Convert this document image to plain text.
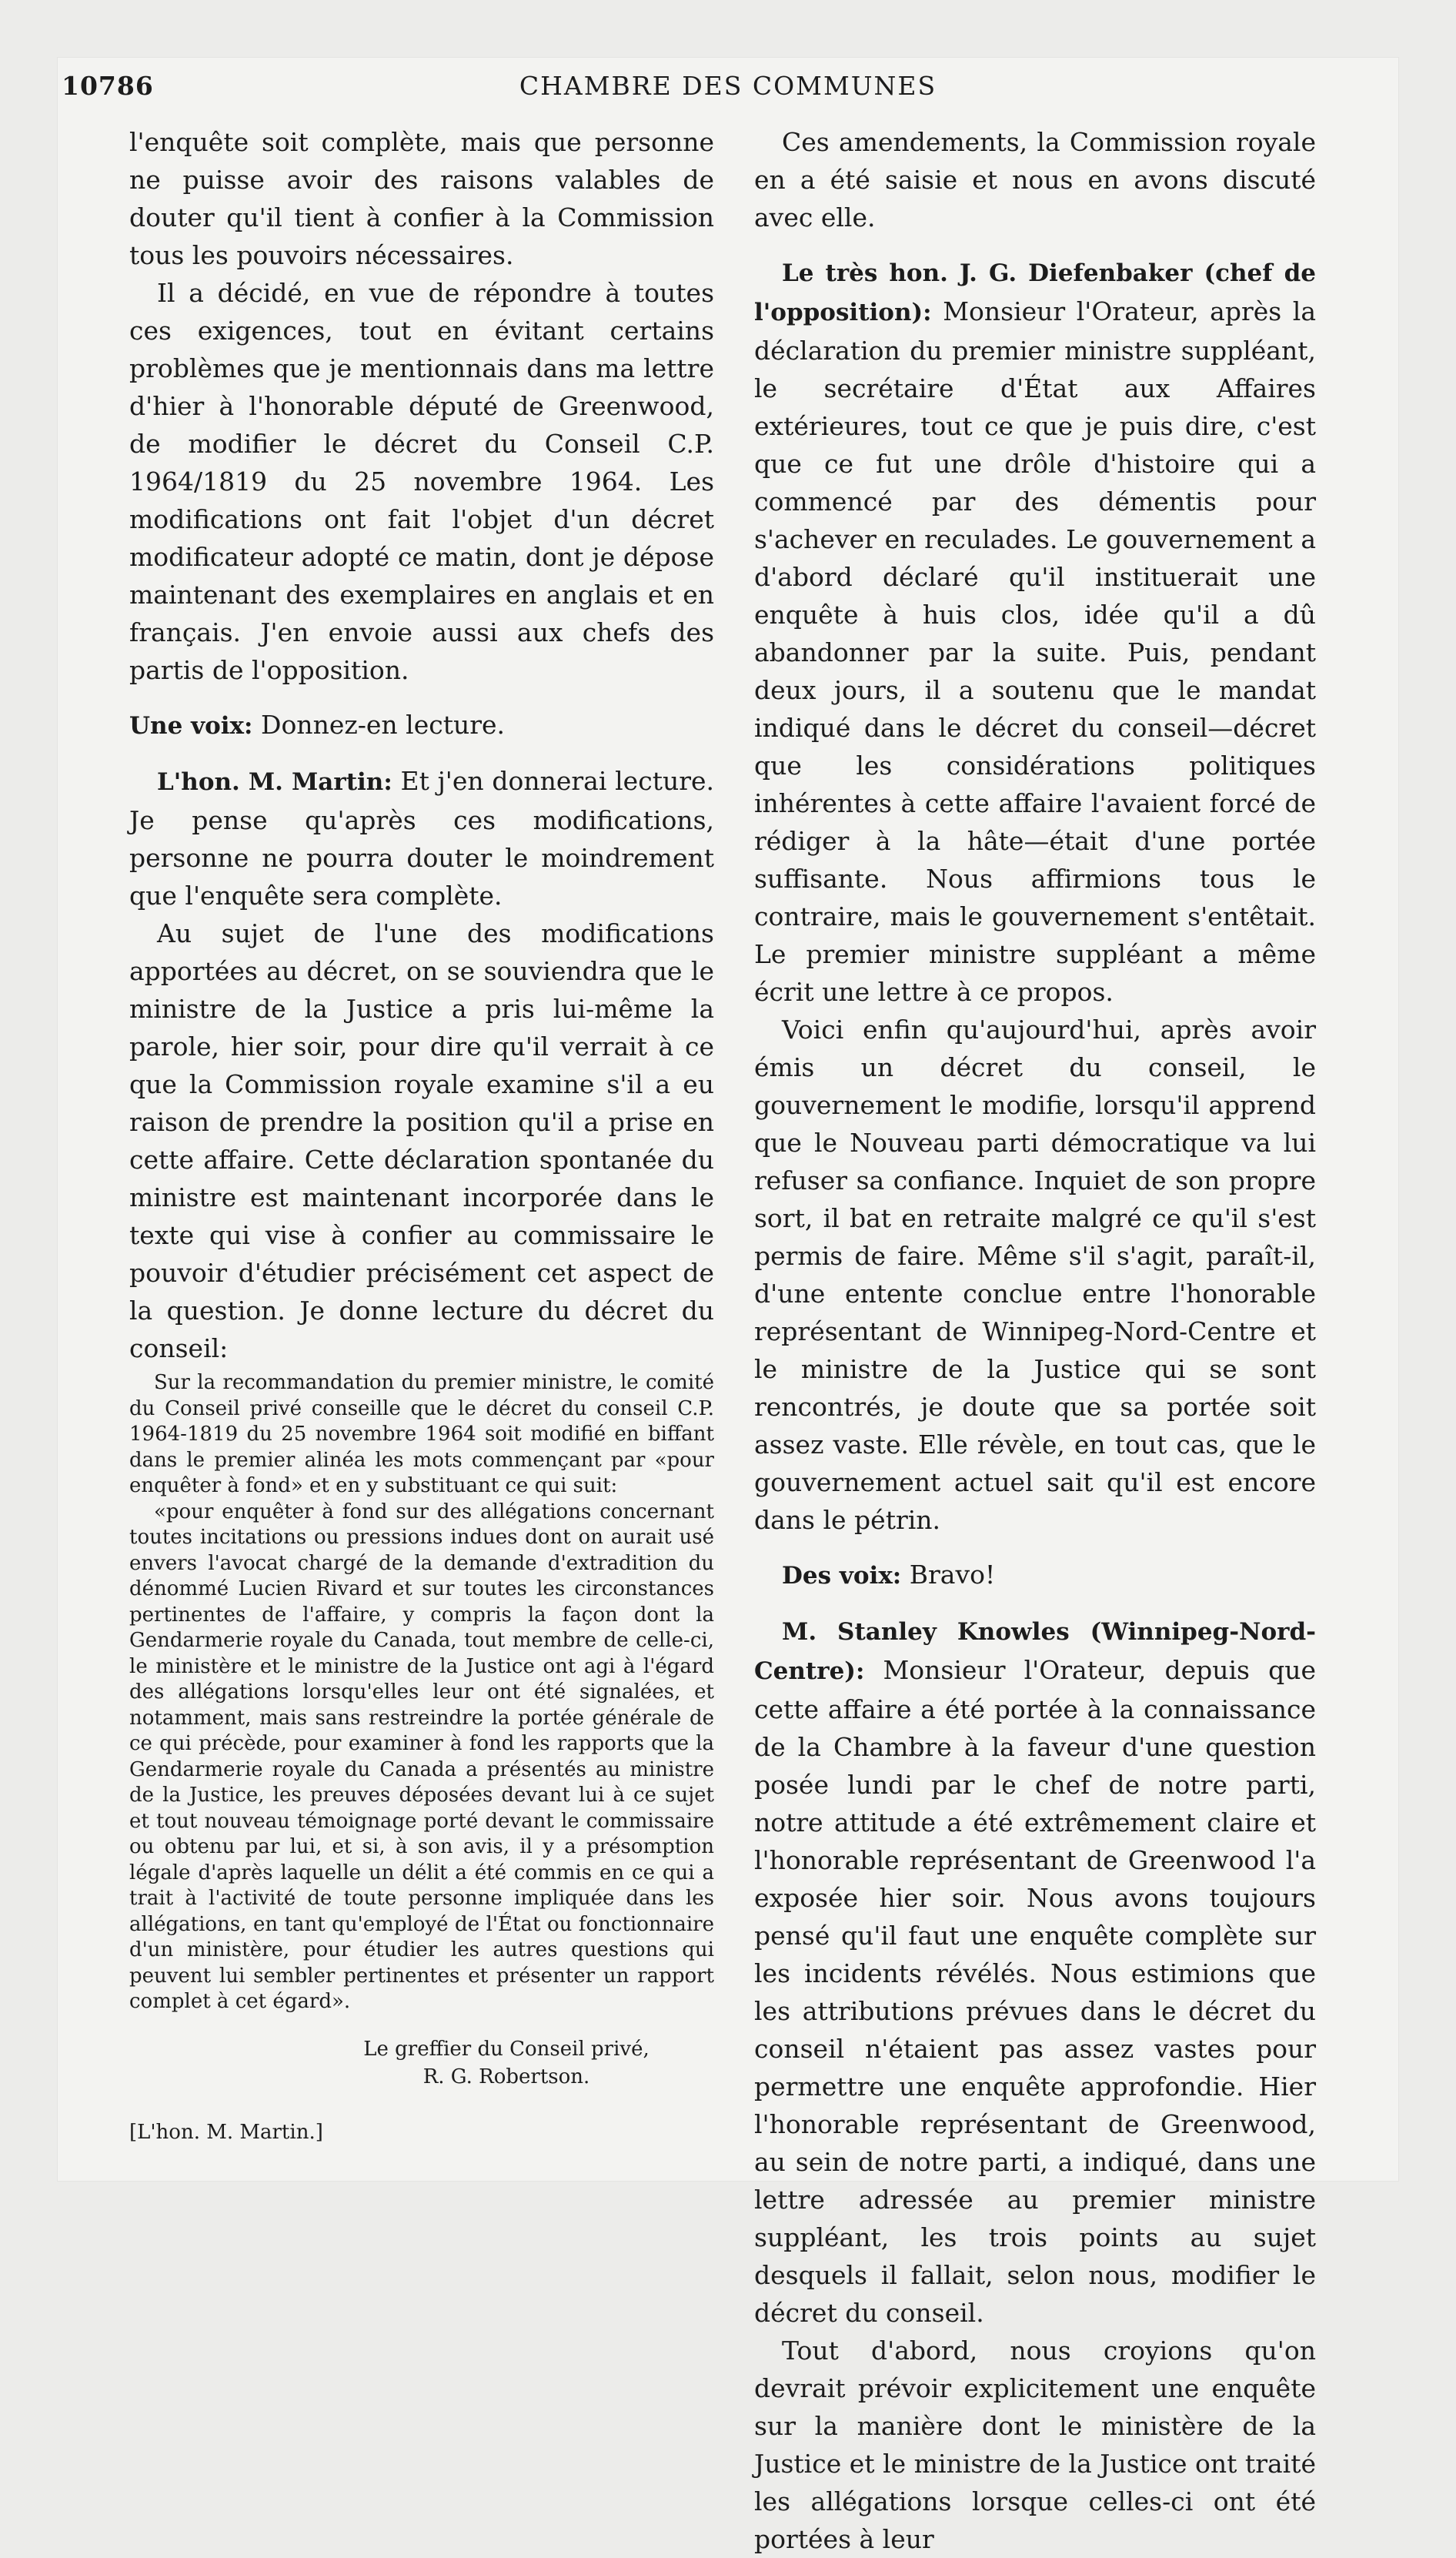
10786	CHAMBRE DES COMMUNES

l'enquête soit complète, mais que personne ne puisse avoir des raisons valables de douter qu'il tient à confier à la Commission tous les pouvoirs nécessaires.

Il a décidé, en vue de répondre à toutes ces exigences, tout en évitant certains problèmes que je mentionnais dans ma lettre d'hier à l'honorable député de Greenwood, de modifier le décret du Conseil C.P. 1964/1819 du 25 novembre 1964. Les modifications ont fait l'objet d'un décret modificateur adopté ce matin, dont je dépose maintenant des exemplaires en anglais et en français. J'en envoie aussi aux chefs des partis de l'opposition.

Une voix: Donnez-en lecture.

L'hon. M. Martin: Et j'en donnerai lecture. Je pense qu'après ces modifications, personne ne pourra douter le moindrement que l'enquête sera complète.

Au sujet de l'une des modifications apportées au décret, on se souviendra que le ministre de la Justice a pris lui-même la parole, hier soir, pour dire qu'il verrait à ce que la Commission royale examine s'il a eu raison de prendre la position qu'il a prise en cette affaire. Cette déclaration spontanée du ministre est maintenant incorporée dans le texte qui vise à confier au commissaire le pouvoir d'étudier précisément cet aspect de la question. Je donne lecture du décret du conseil:

Sur la recommandation du premier ministre, le comité du Conseil privé conseille que le décret du conseil C.P. 1964-1819 du 25 novembre 1964 soit modifié en biffant dans le premier alinéa les mots commençant par «pour enquêter à fond» et en y substituant ce qui suit:

«pour enquêter à fond sur des allégations concernant toutes incitations ou pressions indues dont on aurait usé envers l'avocat chargé de la demande d'extradition du dénommé Lucien Rivard et sur toutes les circonstances pertinentes de l'affaire, y compris la façon dont la Gendarmerie royale du Canada, tout membre de celle-ci, le ministère et le ministre de la Justice ont agi à l'égard des allégations lorsqu'elles leur ont été signalées, et notamment, mais sans restreindre la portée générale de ce qui précède, pour examiner à fond les rapports que la Gendarmerie royale du Canada a présentés au ministre de la Justice, les preuves déposées devant lui à ce sujet et tout nouveau témoignage porté devant le commissaire ou obtenu par lui, et si, à son avis, il y a présomption légale d'après laquelle un délit a été commis en ce qui a trait à l'activité de toute personne impliquée dans les allégations, en tant qu'employé de l'État ou fonctionnaire d'un ministère, pour étudier les autres questions qui peuvent lui sembler pertinentes et présenter un rapport complet à cet égard».

Le greffier du Conseil privé,
R. G. Robertson.
[L'hon. M. Martin.]

Ces amendements, la Commission royale en a été saisie et nous en avons discuté avec elle.

Le très hon. J. G. Diefenbaker (chef de l'opposition): Monsieur l'Orateur, après la déclaration du premier ministre suppléant, le secrétaire d'État aux Affaires extérieures, tout ce que je puis dire, c'est que ce fut une drôle d'histoire qui a commencé par des démentis pour s'achever en reculades. Le gouvernement a d'abord déclaré qu'il instituerait une enquête à huis clos, idée qu'il a dû abandonner par la suite. Puis, pendant deux jours, il a soutenu que le mandat indiqué dans le décret du conseil—décret que les considérations politiques inhérentes à cette affaire l'avaient forcé de rédiger à la hâte—était d'une portée suffisante. Nous affirmions tous le contraire, mais le gouvernement s'entêtait. Le premier ministre suppléant a même écrit une lettre à ce propos.

Voici enfin qu'aujourd'hui, après avoir émis un décret du conseil, le gouvernement le modifie, lorsqu'il apprend que le Nouveau parti démocratique va lui refuser sa confiance. Inquiet de son propre sort, il bat en retraite malgré ce qu'il s'est permis de faire. Même s'il s'agit, paraît-il, d'une entente conclue entre l'honorable représentant de Winnipeg-Nord-Centre et le ministre de la Justice qui se sont rencontrés, je doute que sa portée soit assez vaste. Elle révèle, en tout cas, que le gouvernement actuel sait qu'il est encore dans le pétrin.

Des voix: Bravo!

M. Stanley Knowles (Winnipeg-Nord-Centre): Monsieur l'Orateur, depuis que cette affaire a été portée à la connaissance de la Chambre à la faveur d'une question posée lundi par le chef de notre parti, notre attitude a été extrêmement claire et l'honorable représentant de Greenwood l'a exposée hier soir. Nous avons toujours pensé qu'il faut une enquête complète sur les incidents révélés. Nous estimions que les attributions prévues dans le décret du conseil n'étaient pas assez vastes pour permettre une enquête approfondie. Hier l'honorable représentant de Greenwood, au sein de notre parti, a indiqué, dans une lettre adressée au premier ministre suppléant, les trois points au sujet desquels il fallait, selon nous, modifier le décret du conseil.

Tout d'abord, nous croyions qu'on devrait prévoir explicitement une enquête sur la manière dont le ministère de la Justice et le ministre de la Justice ont traité les allégations lorsque celles-ci ont été portées à leur
